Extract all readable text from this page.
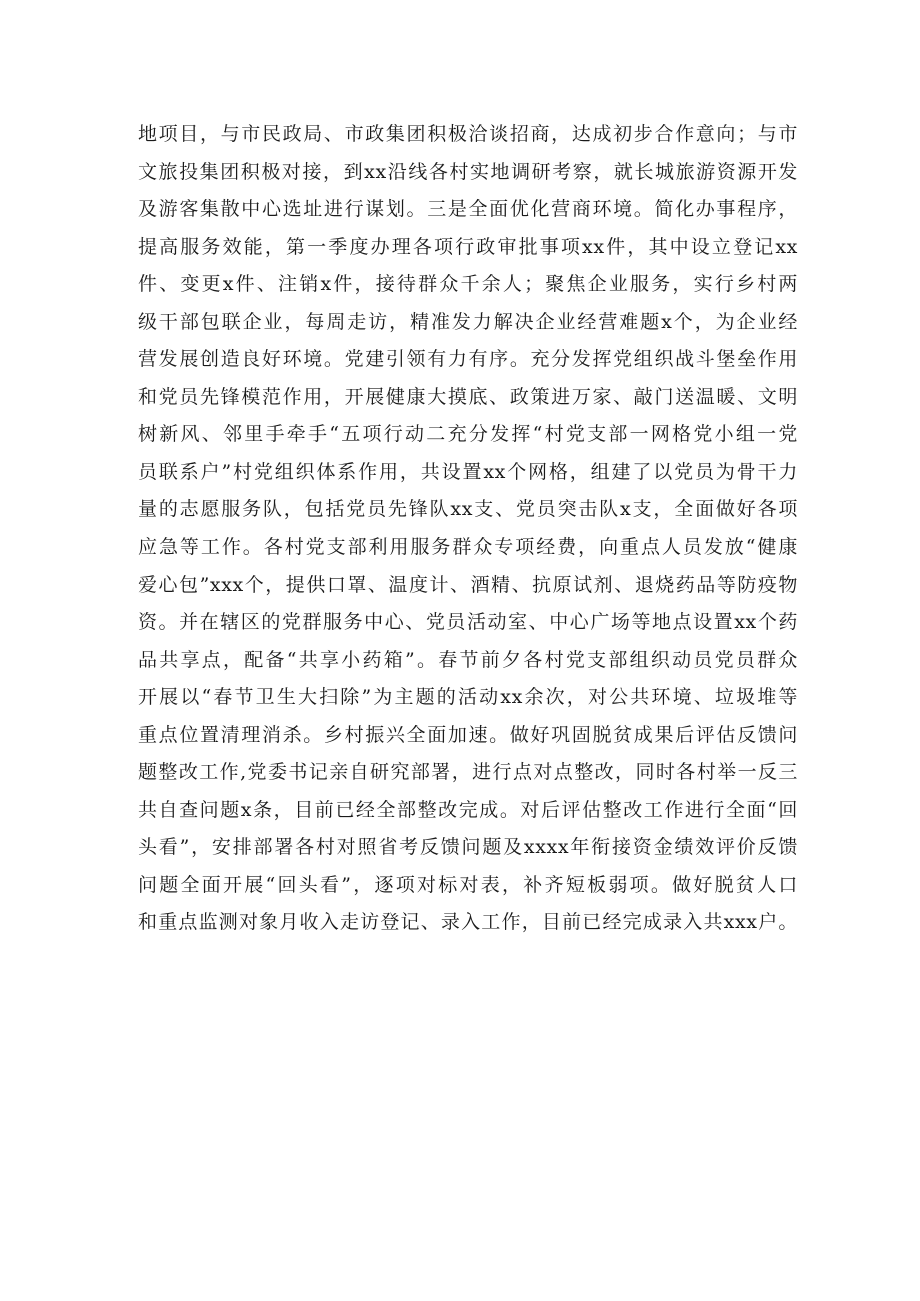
地项目，与市民政局、市政集团积极洽谈招商，达成初步合作意向；与市
文旅投集团积极对接，到xx沿线各村实地调研考察，就长城旅游资源开发
及游客集散中心选址进行谋划。三是全面优化营商环境。简化办事程序，
提高服务效能，第一季度办理各项行政审批事项xx件，其中设立登记xx
件、变更x件、注销x件，接待群众千余人；聚焦企业服务，实行乡村两
级干部包联企业，每周走访，精准发力解决企业经营难题x个，为企业经
营发展创造良好环境。党建引领有力有序。充分发挥党组织战斗堡垒作用
和党员先锋模范作用，开展健康大摸底、政策进万家、敲门送温暖、文明
树新风、邻里手牵手“五项行动二充分发挥“村党支部一网格党小组一党
员联系户”村党组织体系作用，共设置xx个网格，组建了以党员为骨干力
量的志愿服务队，包括党员先锋队xx支、党员突击队x支，全面做好各项
应急等工作。各村党支部利用服务群众专项经费，向重点人员发放“健康
爱心包”xxx个，提供口罩、温度计、酒精、抗原试剂、退烧药品等防疫物
资。并在辖区的党群服务中心、党员活动室、中心广场等地点设置xx个药
品共享点，配备“共享小药箱”。春节前夕各村党支部组织动员党员群众
开展以“春节卫生大扫除”为主题的活动xx余次，对公共环境、垃圾堆等
重点位置清理消杀。乡村振兴全面加速。做好巩固脱贫成果后评估反馈问
题整改工作,党委书记亲自研究部署，进行点对点整改，同时各村举一反三
共自查问题x条，目前已经全部整改完成。对后评估整改工作进行全面“回
头看”，安排部署各村对照省考反馈问题及xxxx年衔接资金绩效评价反馈
问题全面开展“回头看”，逐项对标对表，补齐短板弱项。做好脱贫人口
和重点监测对象月收入走访登记、录入工作，目前已经完成录入共xxx户。
